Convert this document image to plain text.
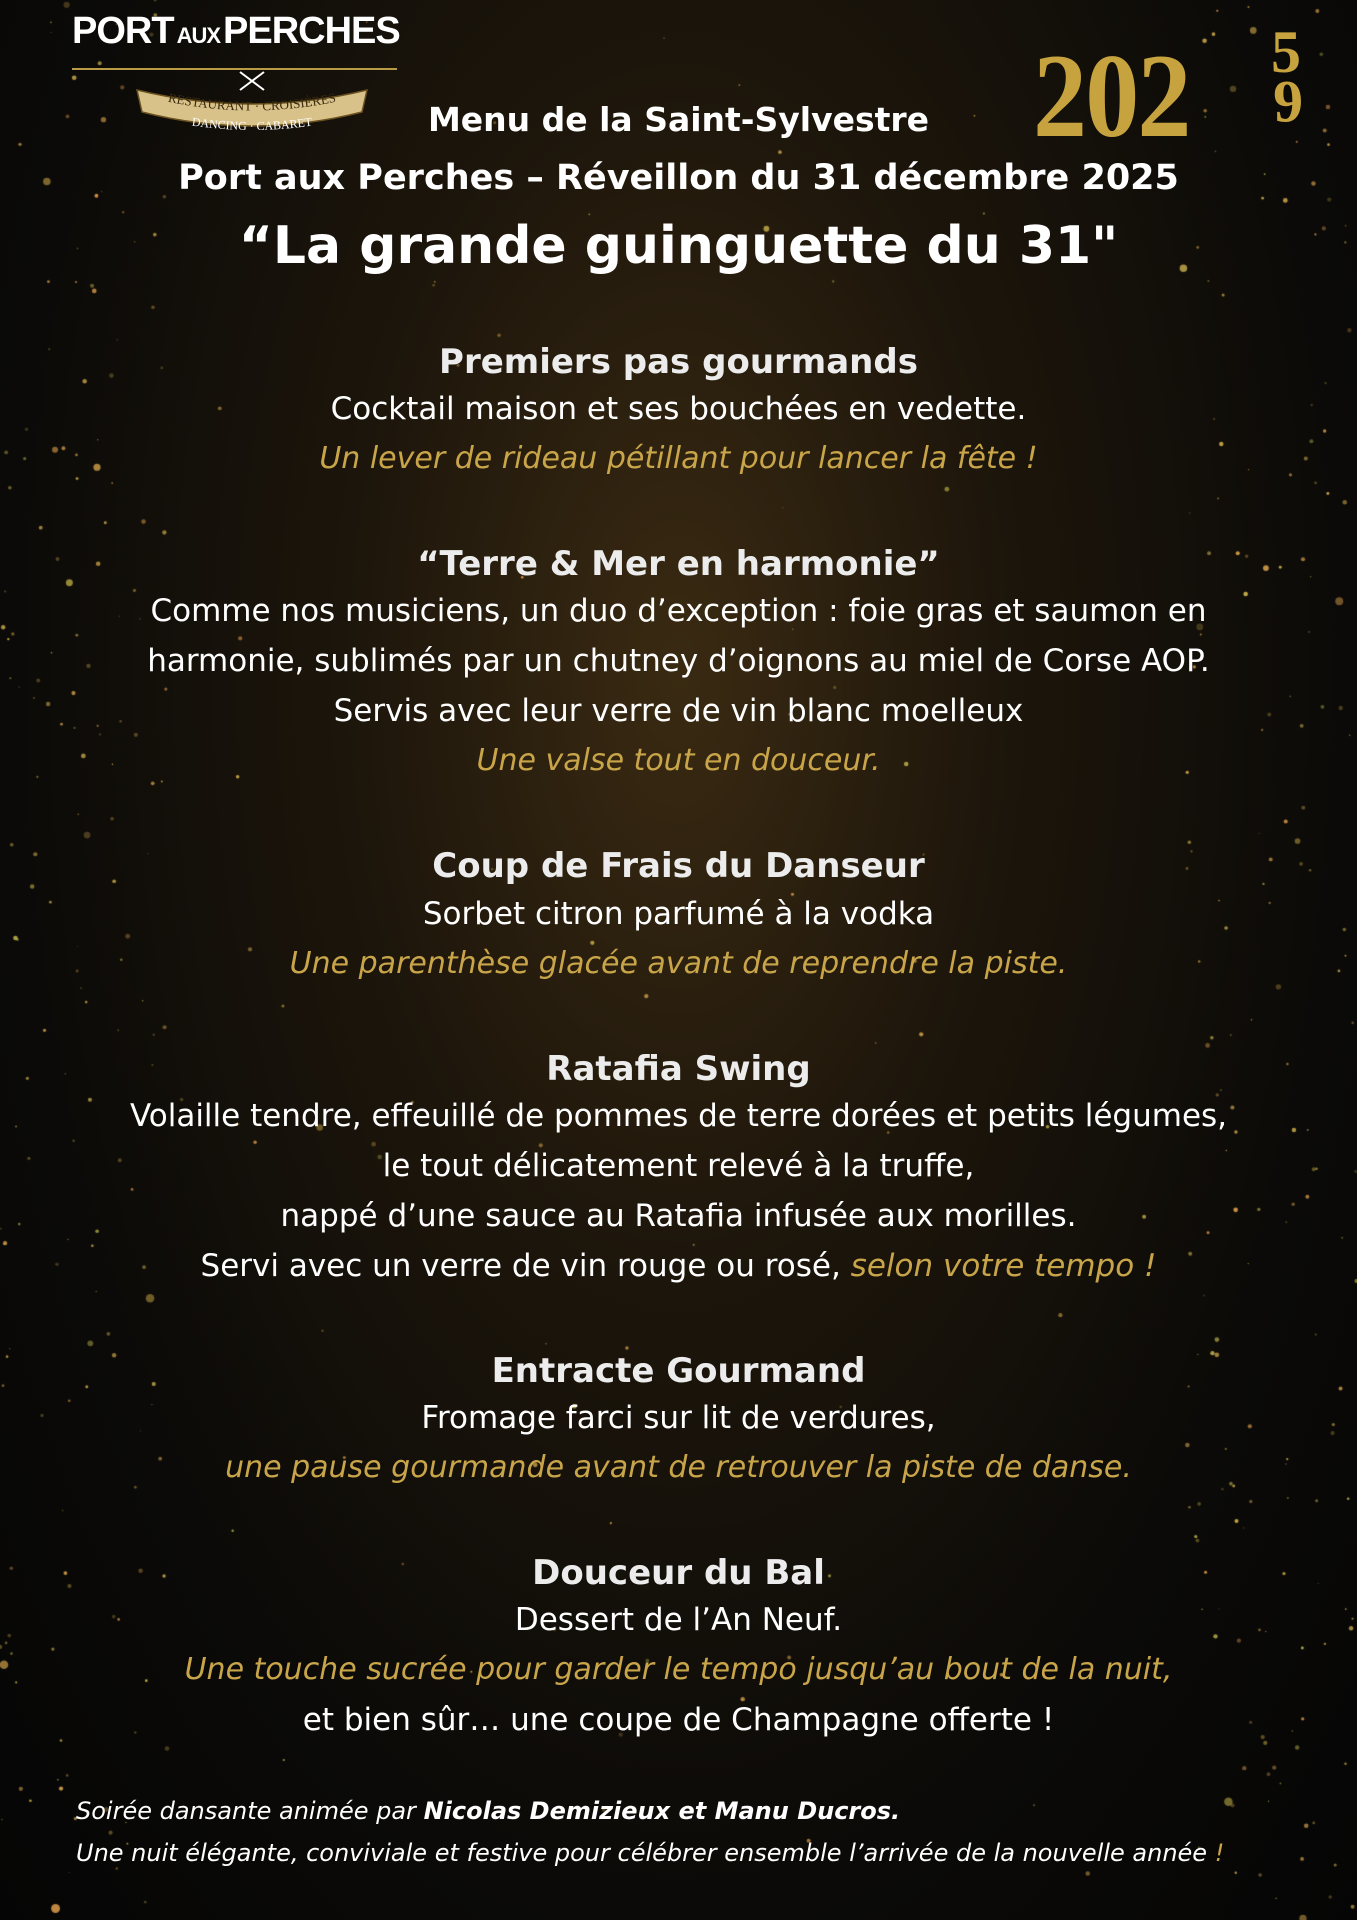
PORT AUXPERCHES
RESTAURANT · CROISIÈRES
DANCING · CABARET	202 5
6
Menu de la Saint-Sylvestre
Port aux Perches – Réveillon du 31 décembre 2025
“La grande guinguette du 31"
Premiers pas gourmands
Cocktail maison et ses bouchées en vedette.
Un lever de rideau pétillant pour lancer la fête !
“Terre & Mer en harmonie”
Comme nos musiciens, un duo d’exception : foie gras et saumon en
harmonie, sublimés par un chutney d’oignons au miel de Corse AOP.
Servis avec leur verre de vin blanc moelleux
Une valse tout en douceur.
Coup de Frais du Danseur
Sorbet citron parfumé à la vodka
Une parenthèse glacée avant de reprendre la piste.
Ratafia Swing
Volaille tendre, effeuillé de pommes de terre dorées et petits légumes,
le tout délicatement relevé à la truffe,
nappé d’une sauce au Ratafia infusée aux morilles.
Servi avec un verre de vin rouge ou rosé, selon votre tempo !
Entracte Gourmand
Fromage farci sur lit de verdures,
une pause gourmande avant de retrouver la piste de danse.
Douceur du Bal
Dessert de l’An Neuf.
Une touche sucrée pour garder le tempo jusqu’au bout de la nuit,
et bien sûr… une coupe de Champagne offerte !
Soirée dansante animée par Nicolas Demizieux et Manu Ducros.
Une nuit élégante, conviviale et festive pour célébrer ensemble l’arrivée de la nouvelle année !
